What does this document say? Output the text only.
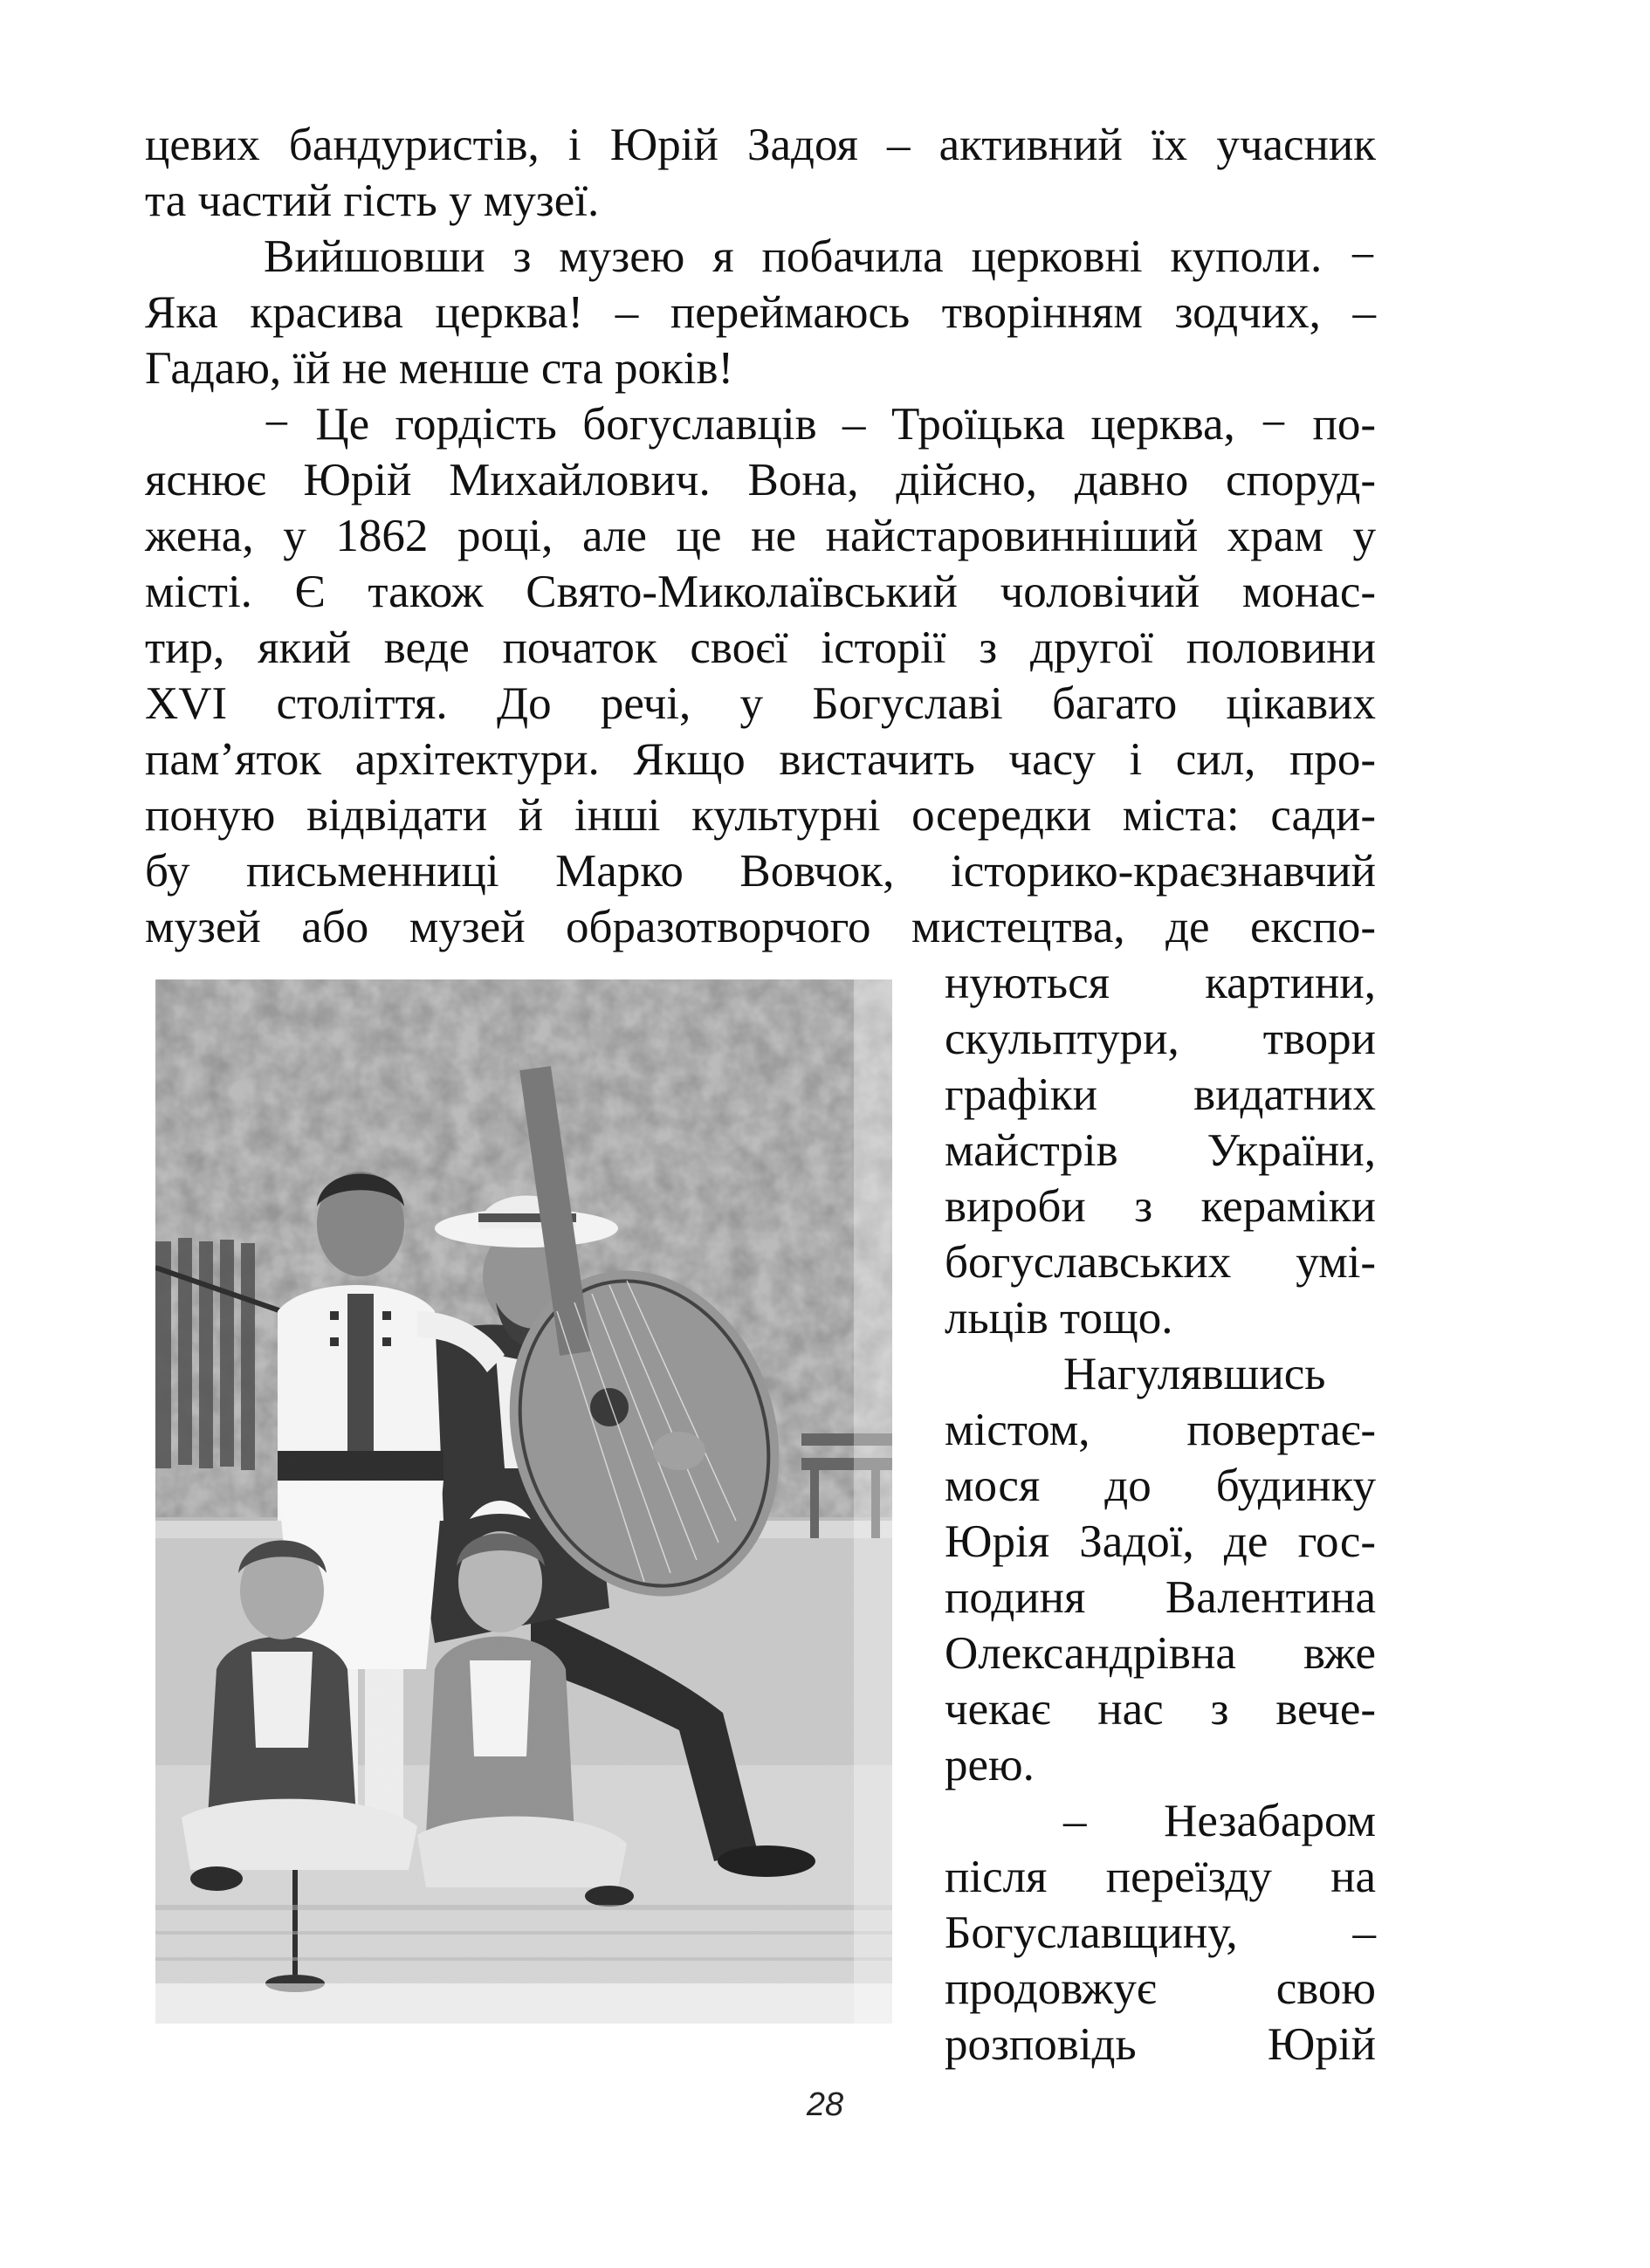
цевих бандуристів, і Юрій Задоя – активний їх учасник
та частий гість у музеї.
Вийшовши з музею я побачила церковні куполи. −
Яка красива церква! – переймаюсь творінням зодчих, –
Гадаю, їй не менше ста років!
− Це гордість богуславців – Троїцька церква, − по-
яснює Юрій Михайлович. Вона, дійсно, давно споруд-
жена, у 1862 році, але це не найстаровинніший храм у
місті. Є також Свято-Миколаївський чоловічий монас-
тир, який веде початок своєї історії з другої половини
XVI століття. До речі, у Богуславі багато цікавих
пам’яток архітектури. Якщо вистачить часу і сил, про-
поную відвідати й інші культурні осередки міста: сади-
бу письменниці Марко Вовчок, історико-краєзнавчий
музей або музей образотворчого мистецтва, де експо-
нуються картини,
скульптури, твори
графіки видатних
майстрів України,
вироби з кераміки
богуславських умі-
льців тощо.
Нагулявшись
містом, повертає-
мося до будинку
Юрія Задої, де гос-
подиня Валентина
Олександрівна вже
чекає нас з вече-
рею.
– Незабаром
після переїзду на
Богуславщину, –
продовжує свою
розповідь Юрій
28
